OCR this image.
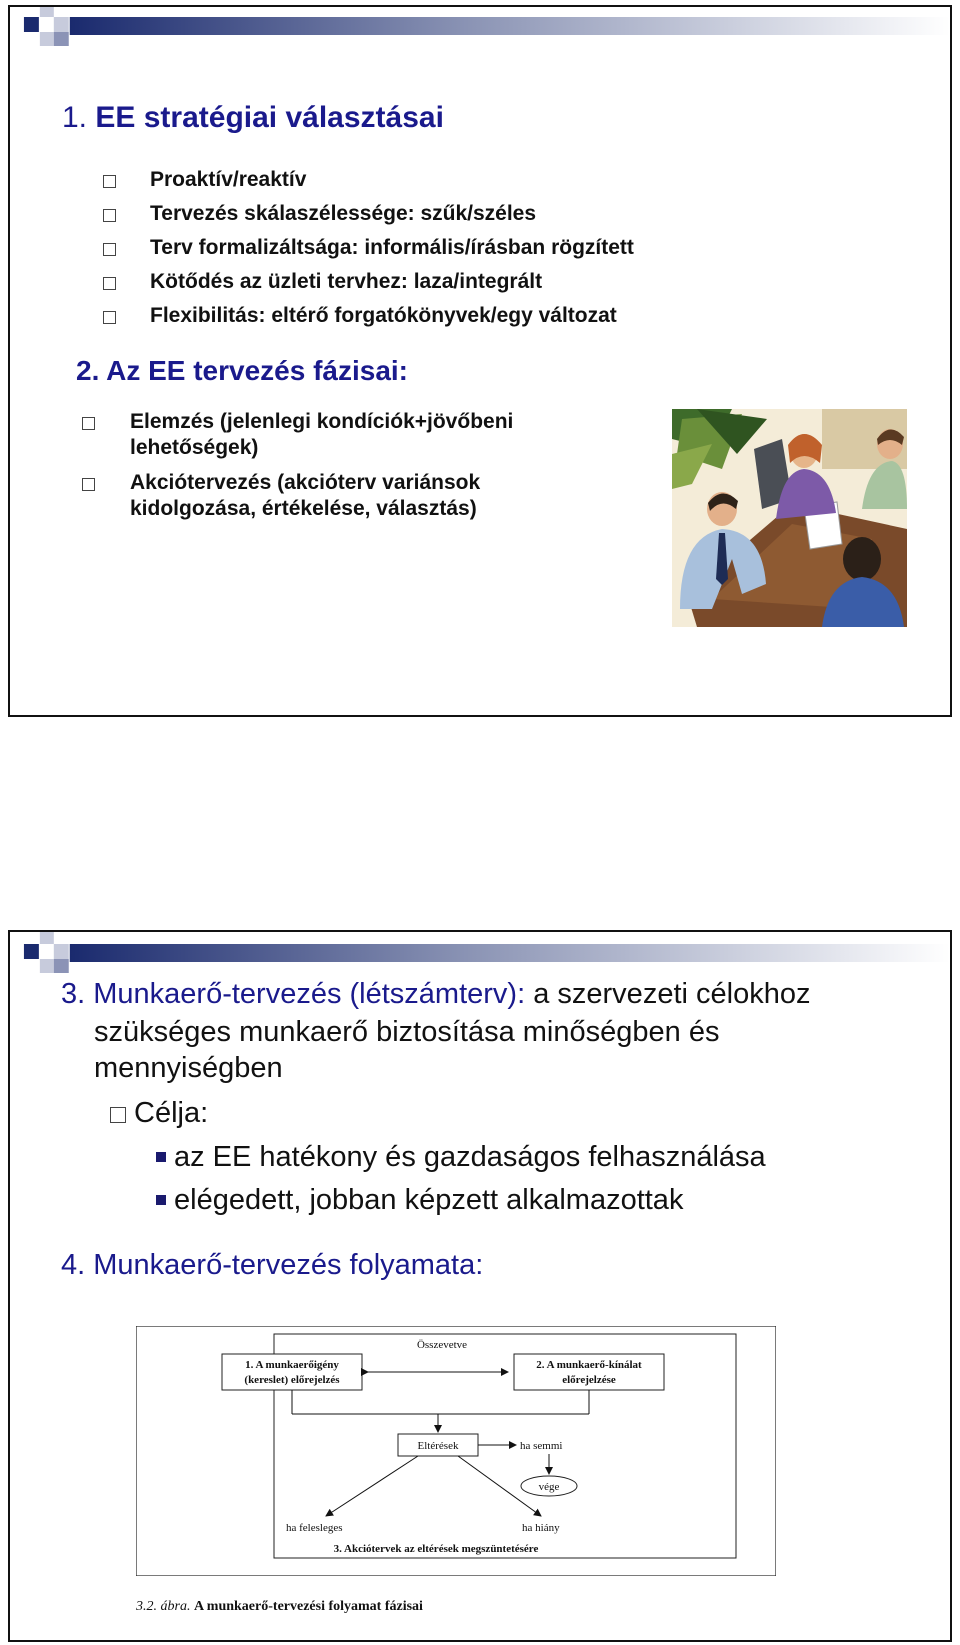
1. EE stratégiai választásai
Proaktív/reaktív
Tervezés skálaszélessége: szűk/széles
Terv formalizáltsága: informális/írásban rögzített
Kötődés az üzleti tervhez: laza/integrált
Flexibilitás: eltérő forgatókönyvek/egy változat
2. Az EE tervezés fázisai:
Elemzés (jelenlegi kondíciók+jövőbeni
lehetőségek)
Akciótervezés (akcióterv variánsok
kidolgozása, értékelése, választás)
3. Munkaerő-tervezés (létszámterv): a szervezeti célokhoz
szükséges munkaerő biztosítása minőségben és
mennyiségben
Célja:
az EE hatékony és gazdaságos felhasználása
elégedett, jobban képzett alkalmazottak
4. Munkaerő-tervezés folyamata:
Összevetve
1. A munkaerőigény
(kereslet) előrejelzés
2. A munkaerő-kínálat
előrejelzése
Eltérések	ha semmi
vége
ha felesleges	ha hiány
3. Akciótervek az eltérések megszüntetésére
3.2. ábra. A munkaerő-tervezési folyamat fázisai
